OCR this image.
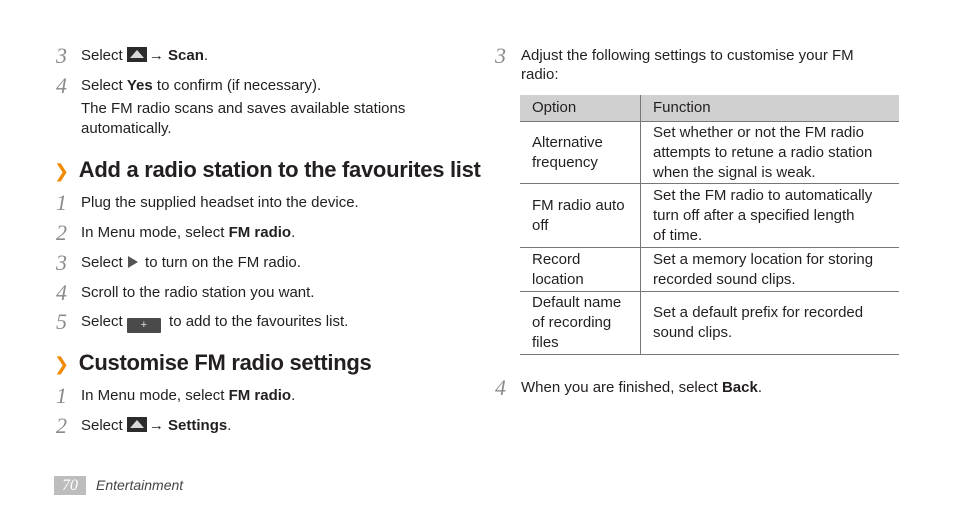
3 Select → Scan.
4 Select Yes to confirm (if necessary).
The FM radio scans and saves available stations
automatically.
❯ Add a radio station to the favourites list
1 Plug the supplied headset into the device.
2 In Menu mode, select FM radio.
3 Select  to turn on the FM radio.
4 Scroll to the radio station you want.
5 Select + to add to the favourites list.
❯ Customise FM radio settings
1 In Menu mode, select FM radio.
2 Select → Settings.
3 Adjust the following settings to customise your FM
radio:
Option	Function
Alternative
frequency	Set whether or not the FM radio
attempts to retune a radio station
when the signal is weak.
FM radio auto
off	Set the FM radio to automatically
turn off after a specified length
of time.
Record
location	Set a memory location for storing
recorded sound clips.
Default name
of recording
files	Set a default prefix for recorded
sound clips.
4 When you are finished, select Back.
70	Entertainment
